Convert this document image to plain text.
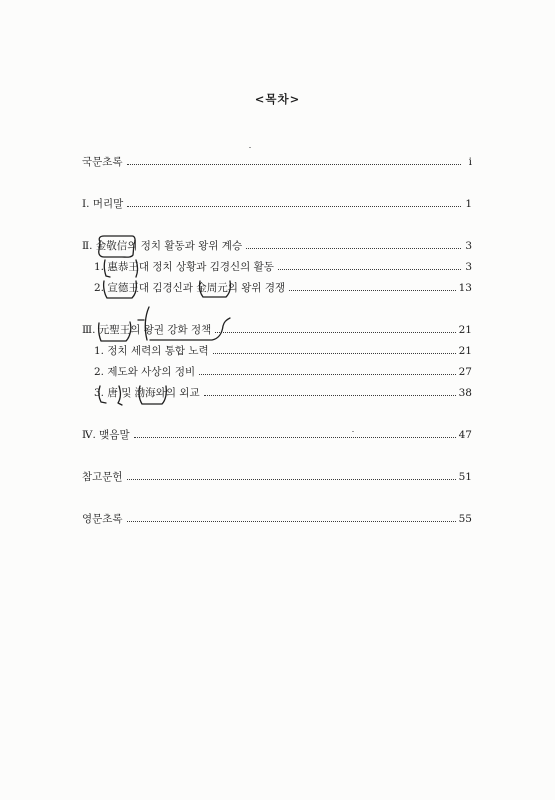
<목차>
국문초록	i
Ⅰ. 머리말	1
Ⅱ. 金敬信의 정치 활동과 왕위 계승	3
1. 惠恭王대 정치 상황과 김경신의 활동	3
2. 宣德王대 김경신과 金周元의 왕위 경쟁	13
Ⅲ. 元聖王의 왕권 강화 정책	21
1. 정치 세력의 통합 노력	21
2. 제도와 사상의 정비	27
3. 唐 및 渤海와의 외교	38
Ⅳ. 맺음말	47
참고문헌	51
영문초록	55
